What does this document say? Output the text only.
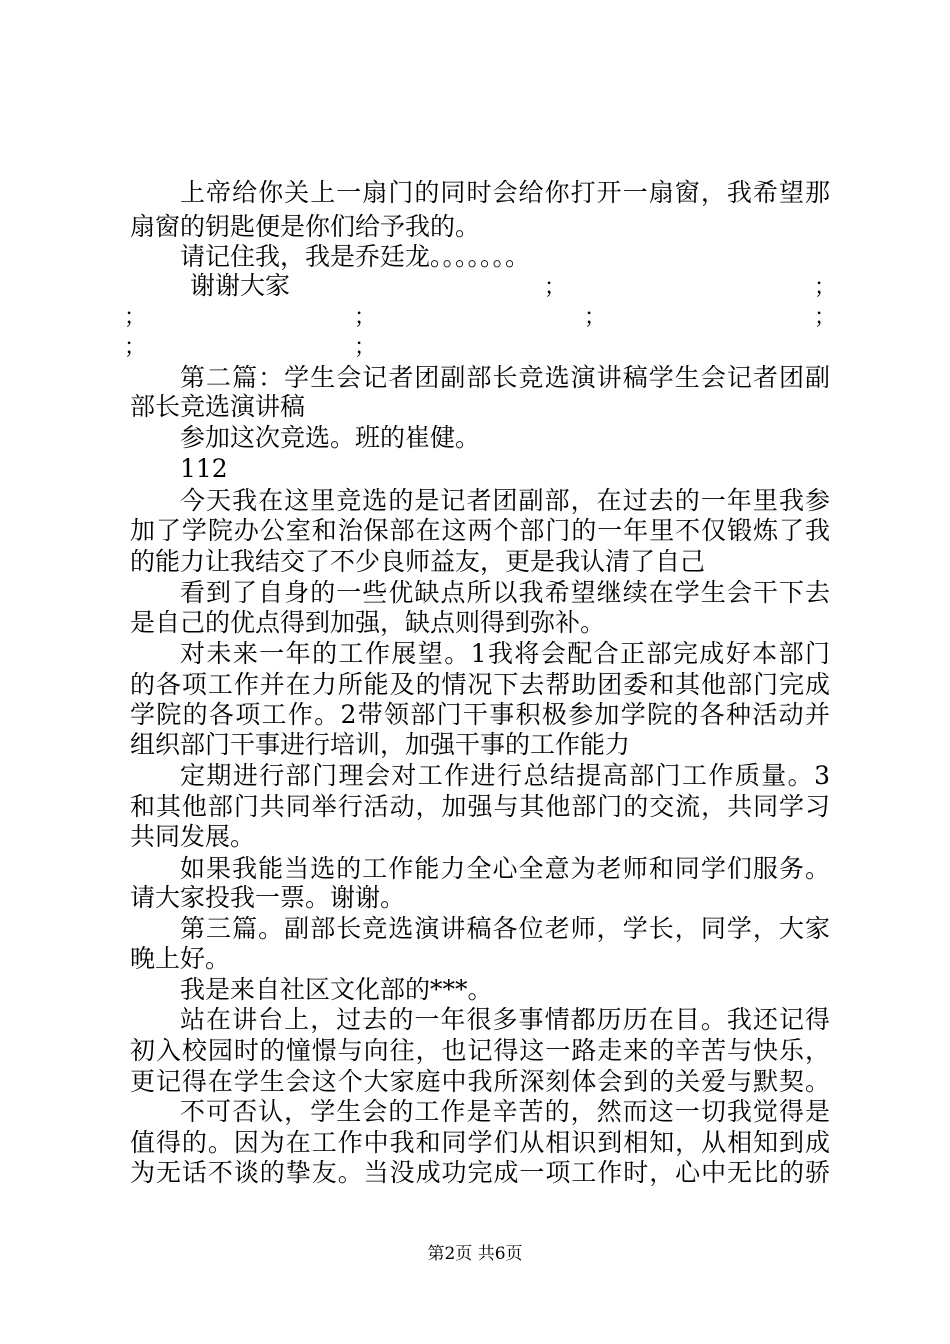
上帝给你关上一扇门的同时会给你打开一扇窗，我希望那
扇窗的钥匙便是你们给予我的。
请记住我，我是乔廷龙。。。。。。。
谢谢大家	；	；
；	；	；	；
；	；
第二篇：学生会记者团副部长竞选演讲稿学生会记者团副
部长竞选演讲稿
参加这次竞选。班的崔健。
112
今天我在这里竞选的是记者团副部，在过去的一年里我参
加了学院办公室和治保部在这两个部门的一年里不仅锻炼了我
的能力让我结交了不少良师益友，更是我认清了自己
看到了自身的一些优缺点所以我希望继续在学生会干下去
是自己的优点得到加强，缺点则得到弥补。
对未来一年的工作展望。1我将会配合正部完成好本部门
的各项工作并在力所能及的情况下去帮助团委和其他部门完成
学院的各项工作。2带领部门干事积极参加学院的各种活动并
组织部门干事进行培训，加强干事的工作能力
定期进行部门理会对工作进行总结提高部门工作质量。3
和其他部门共同举行活动，加强与其他部门的交流，共同学习
共同发展。
如果我能当选的工作能力全心全意为老师和同学们服务。
请大家投我一票。谢谢。
第三篇。副部长竞选演讲稿各位老师，学长，同学，大家
晚上好。
我是来自社区文化部的***。
站在讲台上，过去的一年很多事情都历历在目。我还记得
初入校园时的憧憬与向往，也记得这一路走来的辛苦与快乐，
更记得在学生会这个大家庭中我所深刻体会到的关爱与默契。
不可否认，学生会的工作是辛苦的，然而这一切我觉得是
值得的。因为在工作中我和同学们从相识到相知，从相知到成
为无话不谈的挚友。当没成功完成一项工作时，心中无比的骄
第2页 共6页
